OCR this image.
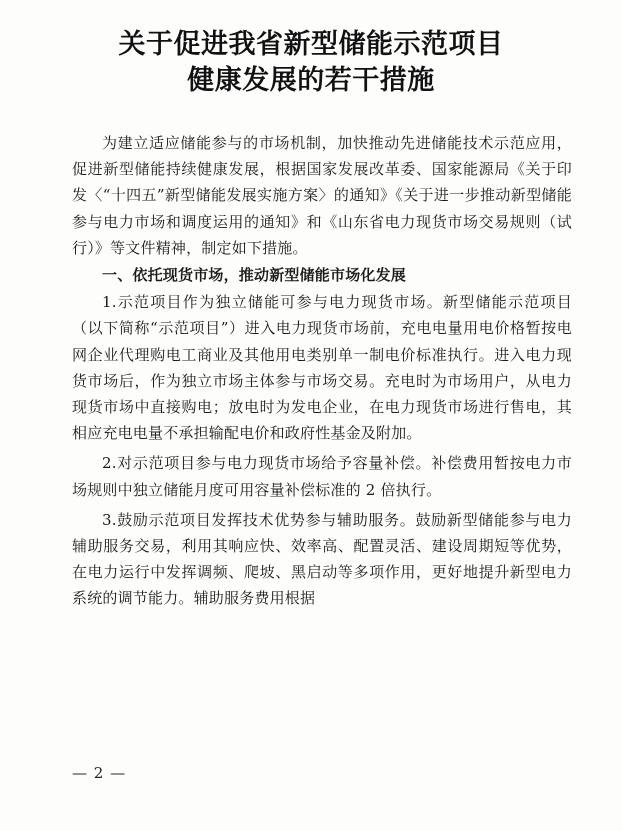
关于促进我省新型储能示范项目
健康发展的若干措施

为建立适应储能参与的市场机制，加快推动先进储能技术示范应用，促进新型储能持续健康发展，根据国家发展改革委、国家能源局《关于印发〈“十四五”新型储能发展实施方案〉的通知》《关于进一步推动新型储能参与电力市场和调度运用的通知》和《山东省电力现货市场交易规则（试行）》等文件精神，制定如下措施。

一、依托现货市场，推动新型储能市场化发展

1.示范项目作为独立储能可参与电力现货市场。新型储能示范项目（以下简称“示范项目”）进入电力现货市场前，充电电量用电价格暂按电网企业代理购电工商业及其他用电类别单一制电价标准执行。进入电力现货市场后，作为独立市场主体参与市场交易。充电时为市场用户，从电力现货市场中直接购电；放电时为发电企业，在电力现货市场进行售电，其相应充电电量不承担输配电价和政府性基金及附加。

2.对示范项目参与电力现货市场给予容量补偿。补偿费用暂按电力市场规则中独立储能月度可用容量补偿标准的 2 倍执行。

3.鼓励示范项目发挥技术优势参与辅助服务。鼓励新型储能参与电力辅助服务交易，利用其响应快、效率高、配置灵活、建设周期短等优势，在电力运行中发挥调频、爬坡、黑启动等多项作用，更好地提升新型电力系统的调节能力。辅助服务费用根据

— 2 —
